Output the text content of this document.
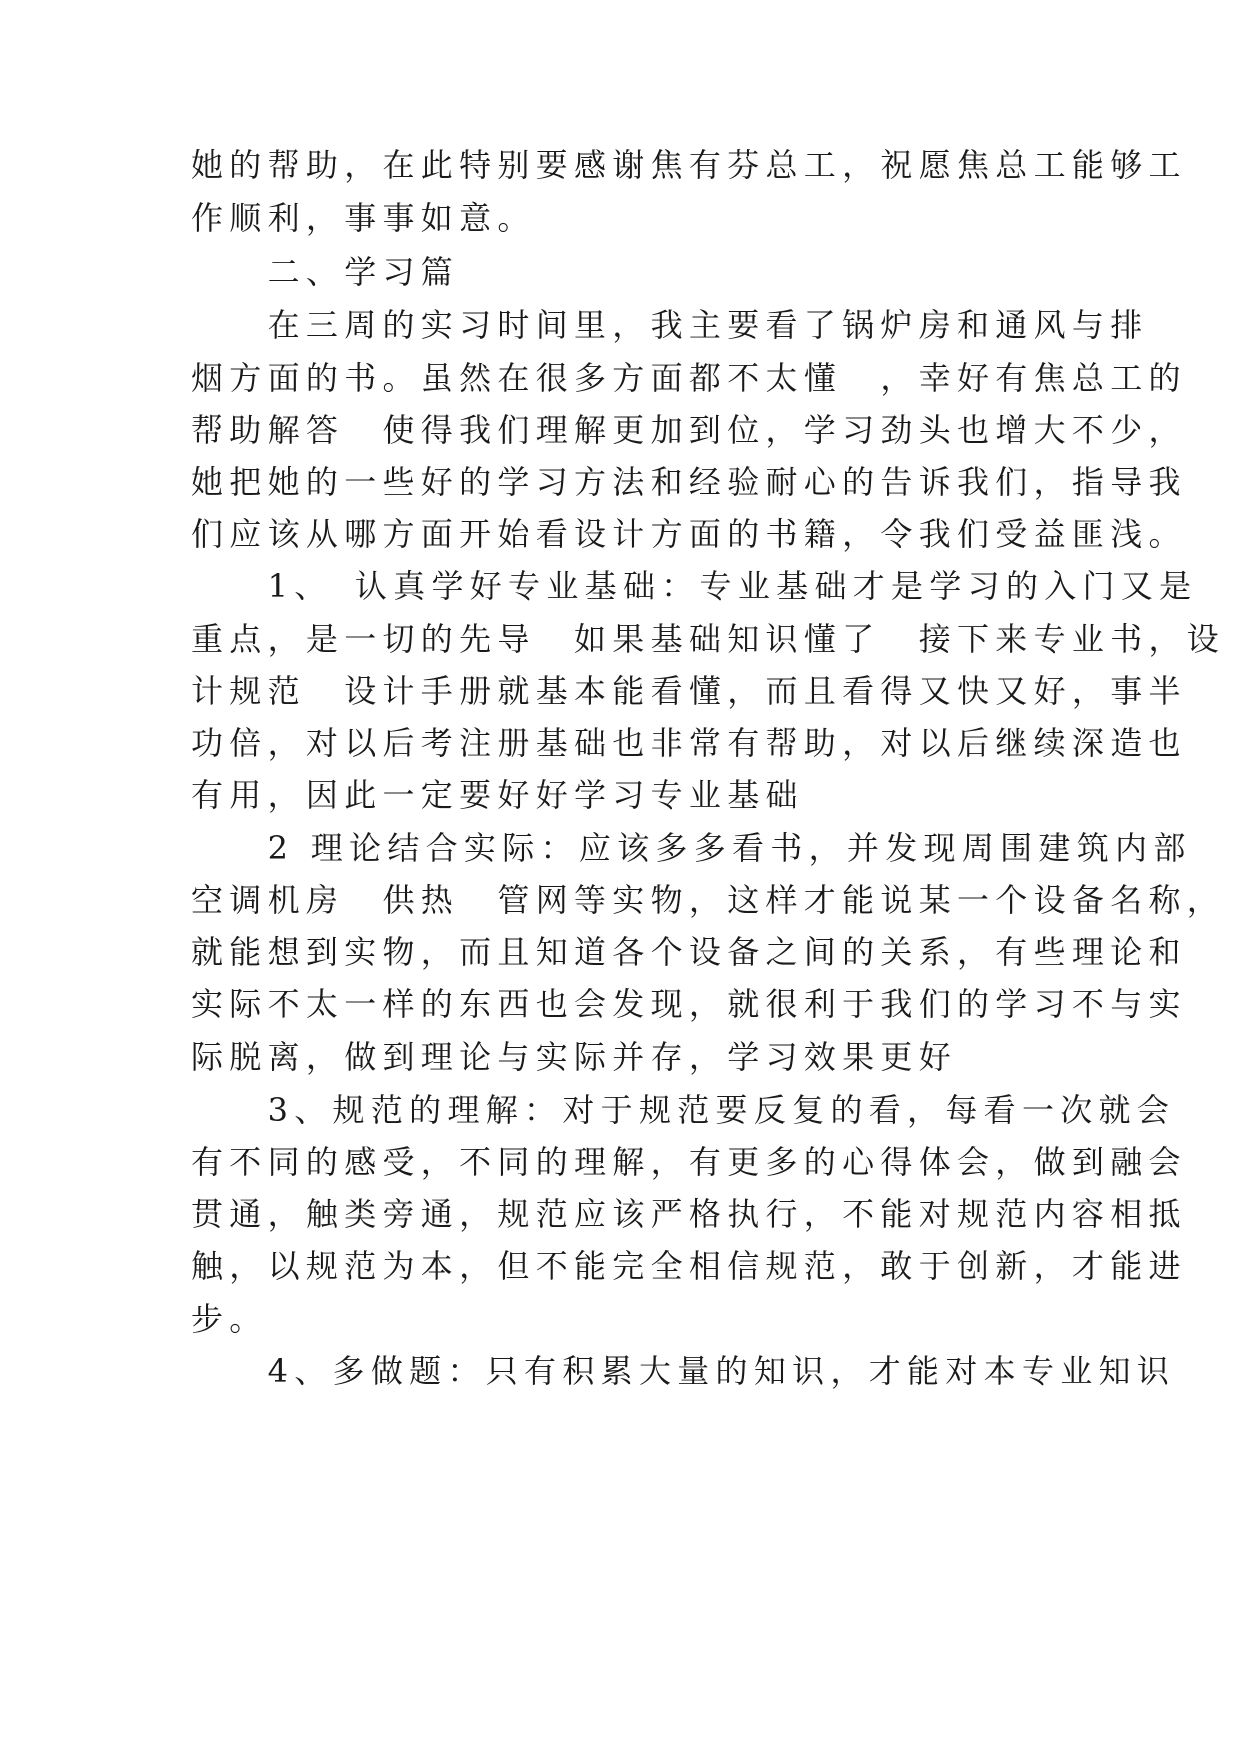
她的帮助，在此特别要感谢焦有芬总工，祝愿焦总工能够工
作顺利，事事如意。
　　二、学习篇
　　在三周的实习时间里，我主要看了锅炉房和通风与排
烟方面的书。虽然在很多方面都不太懂　，幸好有焦总工的
帮助解答　使得我们理解更加到位，学习劲头也增大不少，
她把她的一些好的学习方法和经验耐心的告诉我们，指导我
们应该从哪方面开始看设计方面的书籍，令我们受益匪浅。
　　1、　认真学好专业基础：专业基础才是学习的入门又是
重点，是一切的先导　如果基础知识懂了　接下来专业书，设
计规范　设计手册就基本能看懂，而且看得又快又好，事半
功倍，对以后考注册基础也非常有帮助，对以后继续深造也
有用，因此一定要好好学习专业基础
　　2 理论结合实际：应该多多看书，并发现周围建筑内部
空调机房　供热　管网等实物，这样才能说某一个设备名称，
就能想到实物，而且知道各个设备之间的关系，有些理论和
实际不太一样的东西也会发现，就很利于我们的学习不与实
际脱离，做到理论与实际并存，学习效果更好
　　3、规范的理解：对于规范要反复的看，每看一次就会
有不同的感受，不同的理解，有更多的心得体会，做到融会
贯通，触类旁通，规范应该严格执行，不能对规范内容相抵
触，以规范为本，但不能完全相信规范，敢于创新，才能进
步。
　　4、多做题：只有积累大量的知识，才能对本专业知识
